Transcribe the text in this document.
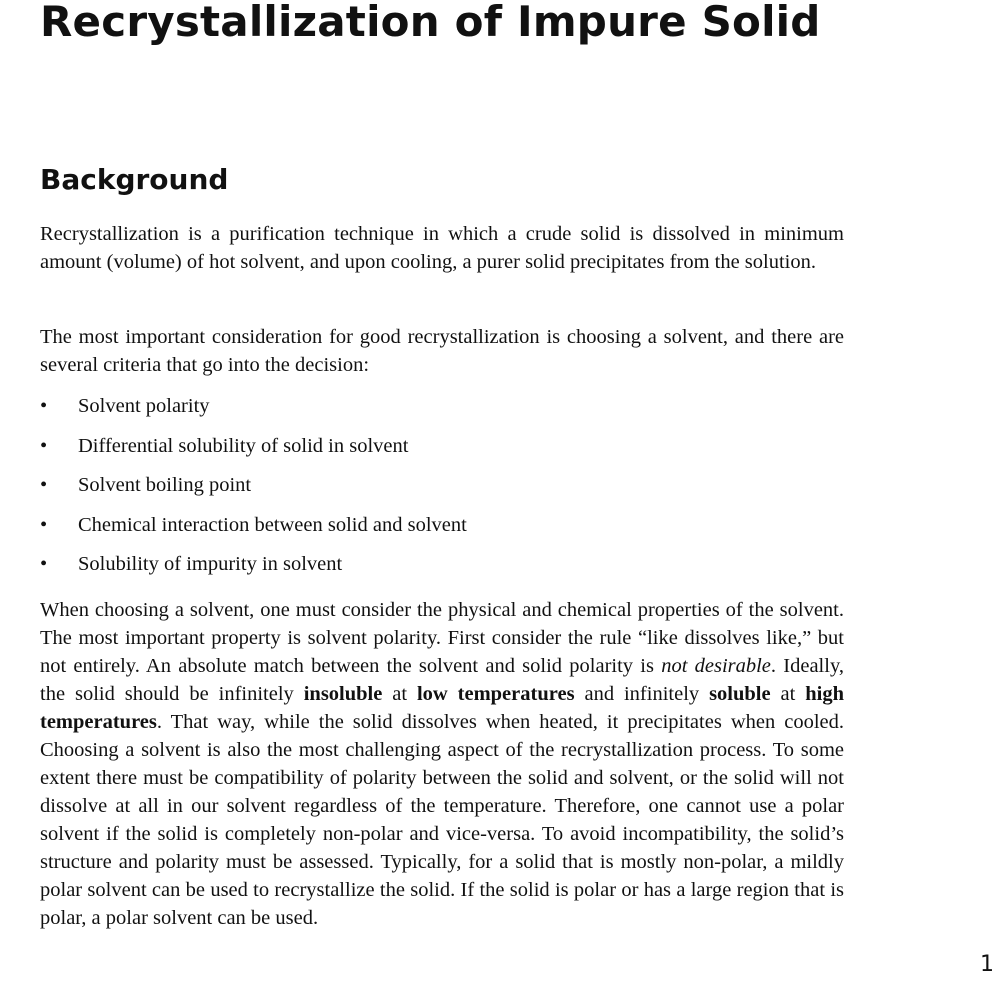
Recrystallization of Impure Solid
Background

Recrystallization is a purification technique in which a crude solid is dissolved in minimum amount (volume) of hot solvent, and upon cooling, a purer solid precipitates from the solution.

The most important consideration for good recrystallization is choosing a solvent, and there are several criteria that go into the decision:

• Solvent polarity
• Differential solubility of solid in solvent
• Solvent boiling point
• Chemical interaction between solid and solvent
• Solubility of impurity in solvent

When choosing a solvent, one must consider the physical and chemical properties of the solvent. The most important property is solvent polarity. First consider the rule “like dissolves like,” but not entirely. An absolute match between the solvent and solid polarity is not desirable. Ideally, the solid should be infinitely insoluble at low temperatures and infinitely soluble at high temperatures. That way, while the solid dissolves when heated, it precipitates when cooled. Choosing a solvent is also the most challenging aspect of the recrystallization process. To some extent there must be compatibility of polarity between the solid and solvent, or the solid will not dissolve at all in our solvent regardless of the temperature. Therefore, one cannot use a polar solvent if the solid is completely non-polar and vice-versa. To avoid incompatibility, the solid’s structure and polarity must be assessed. Typically, for a solid that is mostly non-polar, a mildly polar solvent can be used to recrystallize the solid. If the solid is polar or has a large region that is polar, a polar solvent can be used.

1
